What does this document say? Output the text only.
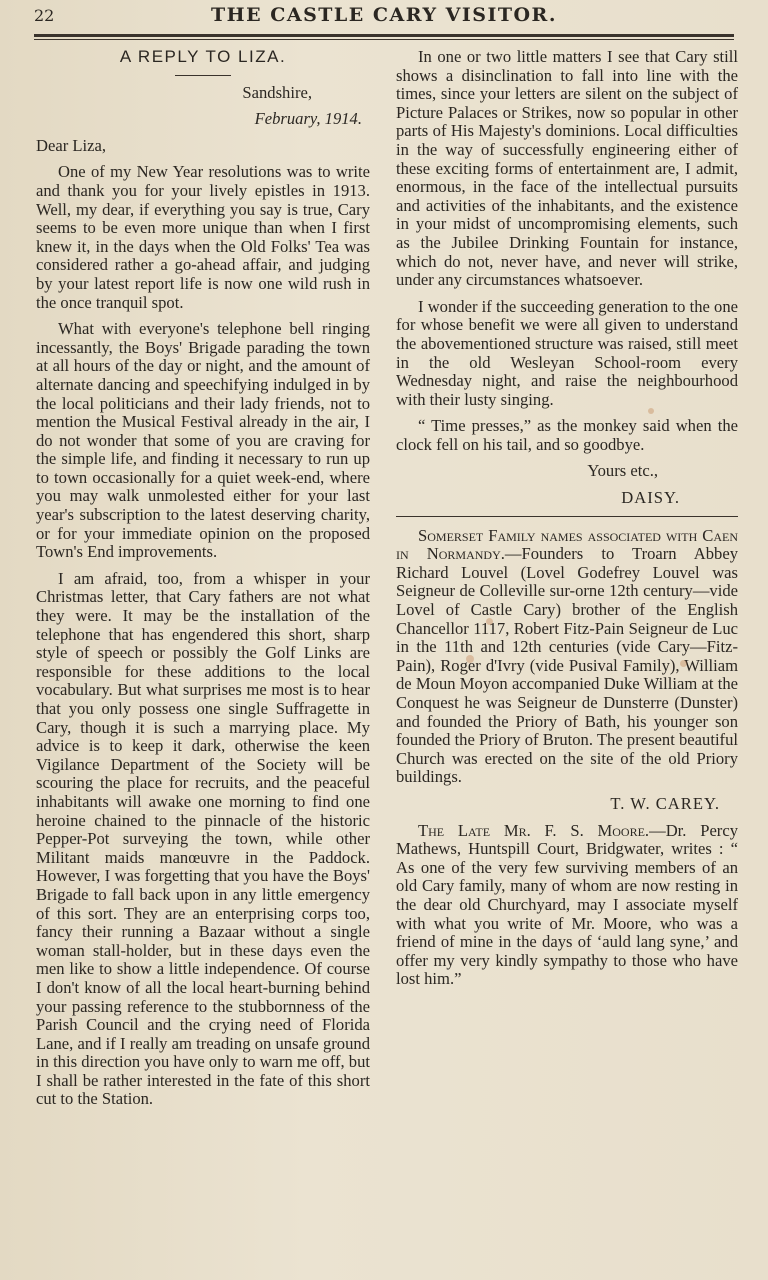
22	THE CASTLE CARY VISITOR.

A REPLY TO LIZA.

Sandshire,

February, 1914.

Dear Liza,

One of my New Year resolutions was to write and thank you for your lively epistles in 1913. Well, my dear, if everything you say is true, Cary seems to be even more unique than when I first knew it, in the days when the Old Folks' Tea was considered rather a go-ahead affair, and judging by your latest report life is now one wild rush in the once tranquil spot.

What with everyone's telephone bell ringing incessantly, the Boys' Brigade parading the town at all hours of the day or night, and the amount of alternate dancing and speechifying indulged in by the local politicians and their lady friends, not to mention the Musical Festival already in the air, I do not wonder that some of you are craving for the simple life, and finding it necessary to run up to town occasionally for a quiet week-end, where you may walk unmolested either for your last year's subscription to the latest deserving charity, or for your immediate opinion on the proposed Town's End improvements.

I am afraid, too, from a whisper in your Christmas letter, that Cary fathers are not what they were. It may be the installation of the telephone that has engendered this short, sharp style of speech or possibly the Golf Links are responsible for these additions to the local vocabulary. But what surprises me most is to hear that you only possess one single Suffragette in Cary, though it is such a marrying place. My advice is to keep it dark, otherwise the keen Vigilance Department of the Society will be scouring the place for recruits, and the peaceful inhabitants will awake one morning to find one heroine chained to the pinnacle of the historic Pepper-Pot surveying the town, while other Militant maids manœuvre in the Paddock. However, I was forgetting that you have the Boys' Brigade to fall back upon in any little emergency of this sort. They are an enterprising corps too, fancy their running a Bazaar without a single woman stall-holder, but in these days even the men like to show a little independence. Of course I don't know of all the local heart-burning behind your passing reference to the stubbornness of the Parish Council and the crying need of Florida Lane, and if I really am treading on unsafe ground in this direction you have only to warn me off, but I shall be rather interested in the fate of this short cut to the Station.

In one or two little matters I see that Cary still shows a disinclination to fall into line with the times, since your letters are silent on the subject of Picture Palaces or Strikes, now so popular in other parts of His Majesty's dominions. Local difficulties in the way of successfully engineering either of these exciting forms of entertainment are, I admit, enormous, in the face of the intellectual pursuits and activities of the inhabitants, and the existence in your midst of uncompromising elements, such as the Jubilee Drinking Fountain for instance, which do not, never have, and never will strike, under any circumstances whatsoever.

I wonder if the succeeding generation to the one for whose benefit we were all given to understand the abovementioned structure was raised, still meet in the old Wesleyan School-room every Wednesday night, and raise the neighbourhood with their lusty singing.

“ Time presses,” as the monkey said when the clock fell on his tail, and so goodbye.

Yours etc.,

DAISY.

Somerset Family names associated with Caen in Normandy.—Founders to Troarn Abbey Richard Louvel (Lovel Godefrey Louvel was Seigneur de Colleville sur-orne 12th century—vide Lovel of Castle Cary) brother of the English Chancellor 1117, Robert Fitz-Pain Seigneur de Luc in the 11th and 12th centuries (vide Cary—Fitz-Pain), Roger d'Ivry (vide Pusival Family), William de Moun Moyon accompanied Duke William at the Conquest he was Seigneur de Dunsterre (Dunster) and founded the Priory of Bath, his younger son founded the Priory of Bruton. The present beautiful Church was erected on the site of the old Priory buildings.

T. W. CAREY.

The Late Mr. F. S. Moore.—Dr. Percy Mathews, Huntspill Court, Bridgwater, writes : “ As one of the very few surviving members of an old Cary family, many of whom are now resting in the dear old Churchyard, may I associate myself with what you write of Mr. Moore, who was a friend of mine in the days of ‘auld lang syne,’ and offer my very kindly sympathy to those who have lost him.”
